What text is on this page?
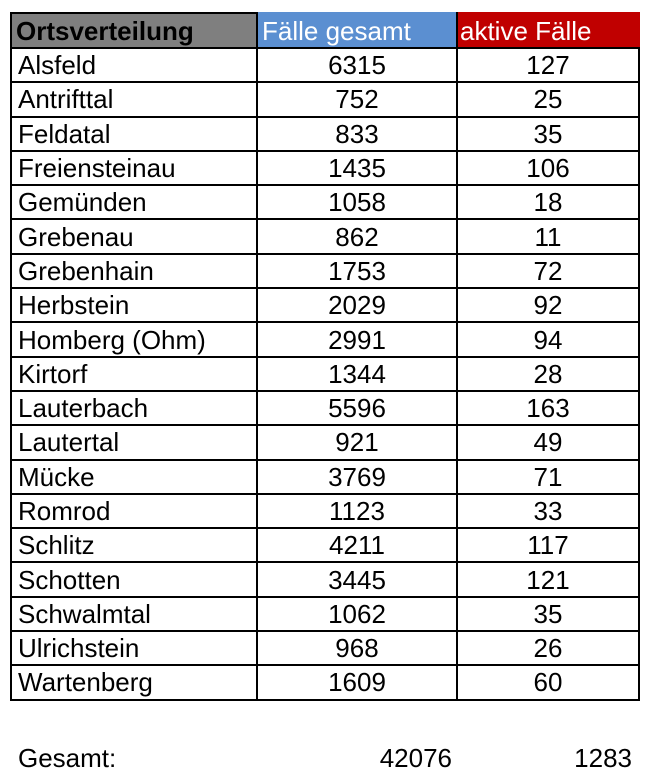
Ortsverteilung	Fälle gesamt	aktive Fälle
Alsfeld	6315	127
Antrifttal	752	25
Feldatal	833	35
Freiensteinau	1435	106
Gemünden	1058	18
Grebenau	862	11
Grebenhain	1753	72
Herbstein	2029	92
Homberg (Ohm)	2991	94
Kirtorf	1344	28
Lauterbach	5596	163
Lautertal	921	49
Mücke	3769	71
Romrod	1123	33
Schlitz	4211	117
Schotten	3445	121
Schwalmtal	1062	35
Ulrichstein	968	26
Wartenberg	1609	60
Gesamt:	42076	1283
